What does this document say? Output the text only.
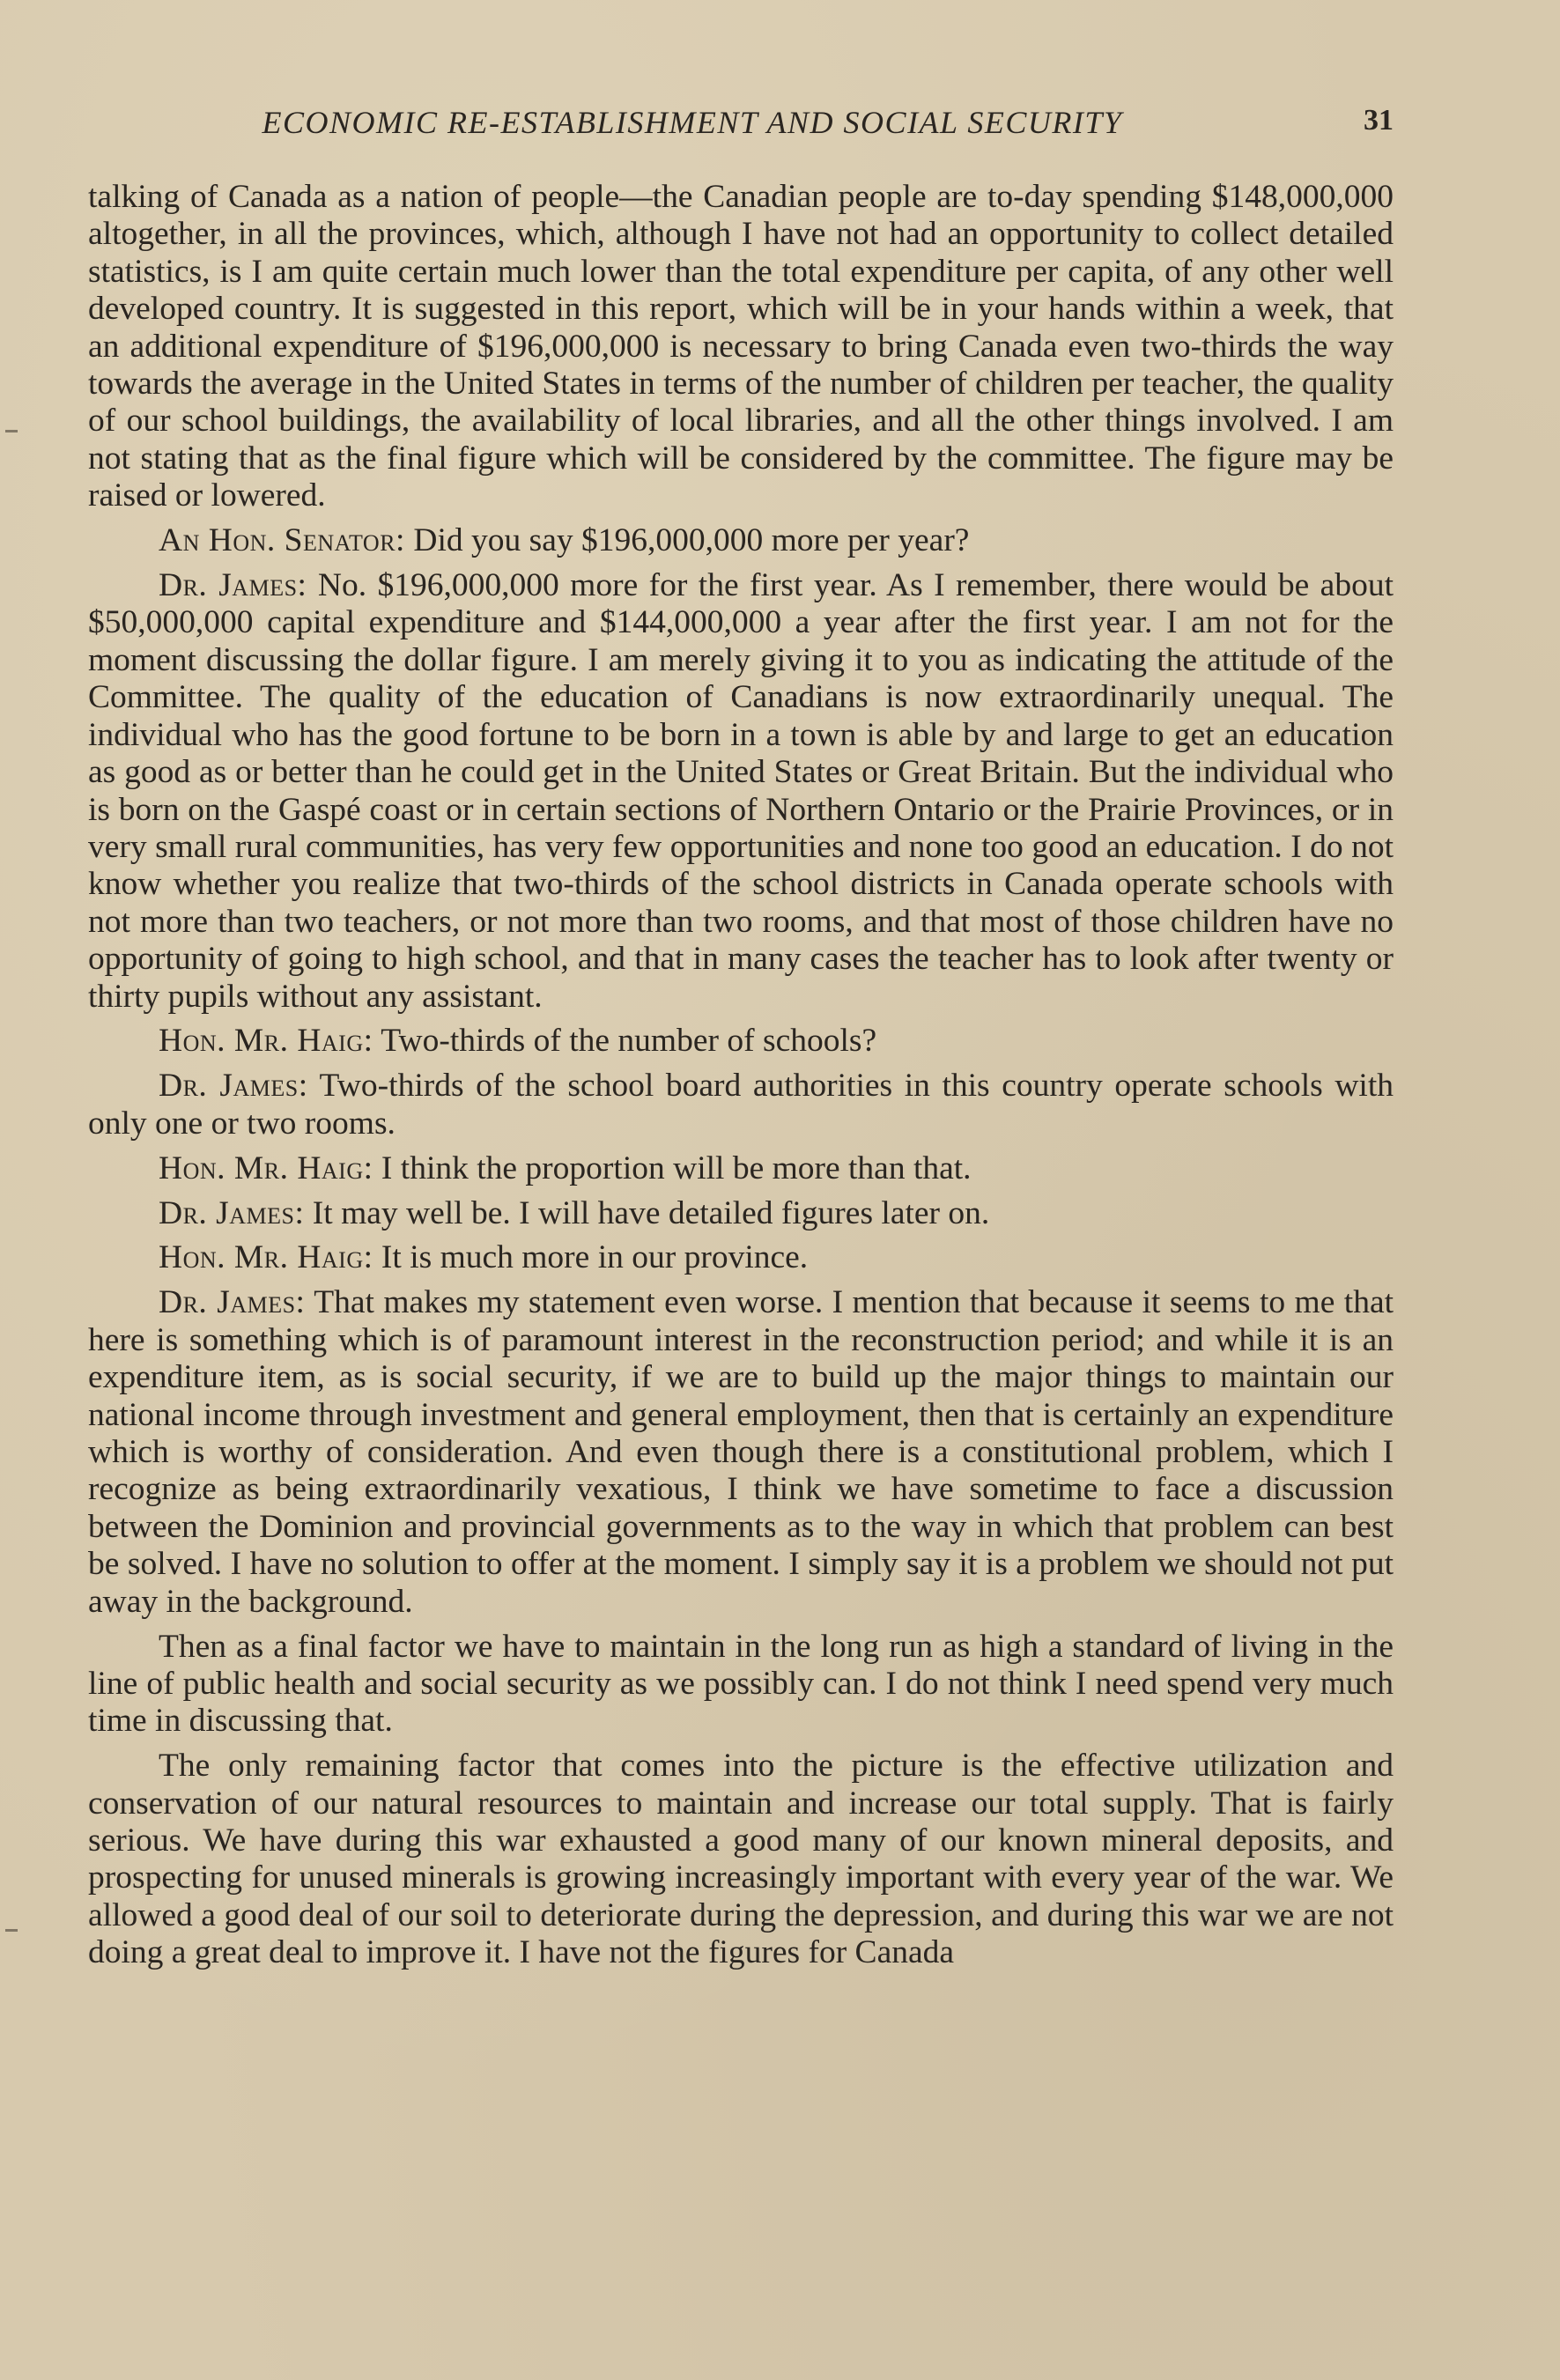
ECONOMIC RE-ESTABLISHMENT AND SOCIAL SECURITY	31

talking of Canada as a nation of people—the Canadian people are to-day spending $148,000,000 altogether, in all the provinces, which, although I have not had an opportunity to collect detailed statistics, is I am quite certain much lower than the total expenditure per capita, of any other well developed country. It is suggested in this report, which will be in your hands within a week, that an additional expenditure of $196,000,000 is necessary to bring Canada even two-thirds the way towards the average in the United States in terms of the number of children per teacher, the quality of our school buildings, the availability of local libraries, and all the other things involved. I am not stating that as the final figure which will be considered by the committee. The figure may be raised or lowered.

An Hon. Senator: Did you say $196,000,000 more per year?

Dr. James: No. $196,000,000 more for the first year. As I remember, there would be about $50,000,000 capital expenditure and $144,000,000 a year after the first year. I am not for the moment discussing the dollar figure. I am merely giving it to you as indicating the attitude of the Committee. The quality of the education of Canadians is now extraordinarily unequal. The individual who has the good fortune to be born in a town is able by and large to get an education as good as or better than he could get in the United States or Great Britain. But the individual who is born on the Gaspé coast or in certain sections of Northern Ontario or the Prairie Provinces, or in very small rural communities, has very few opportunities and none too good an education. I do not know whether you realize that two-thirds of the school districts in Canada operate schools with not more than two teachers, or not more than two rooms, and that most of those children have no opportunity of going to high school, and that in many cases the teacher has to look after twenty or thirty pupils without any assistant.

Hon. Mr. Haig: Two-thirds of the number of schools?

Dr. James: Two-thirds of the school board authorities in this country operate schools with only one or two rooms.

Hon. Mr. Haig: I think the proportion will be more than that.

Dr. James: It may well be. I will have detailed figures later on.

Hon. Mr. Haig: It is much more in our province.

Dr. James: That makes my statement even worse. I mention that because it seems to me that here is something which is of paramount interest in the reconstruction period; and while it is an expenditure item, as is social security, if we are to build up the major things to maintain our national income through investment and general employment, then that is certainly an expenditure which is worthy of consideration. And even though there is a constitutional problem, which I recognize as being extraordinarily vexatious, I think we have sometime to face a discussion between the Dominion and provincial governments as to the way in which that problem can best be solved. I have no solution to offer at the moment. I simply say it is a problem we should not put away in the background.

Then as a final factor we have to maintain in the long run as high a standard of living in the line of public health and social security as we possibly can. I do not think I need spend very much time in discussing that.

The only remaining factor that comes into the picture is the effective utilization and conservation of our natural resources to maintain and increase our total supply. That is fairly serious. We have during this war exhausted a good many of our known mineral deposits, and prospecting for unused minerals is growing increasingly important with every year of the war. We allowed a good deal of our soil to deteriorate during the depression, and during this war we are not doing a great deal to improve it. I have not the figures for Canada
